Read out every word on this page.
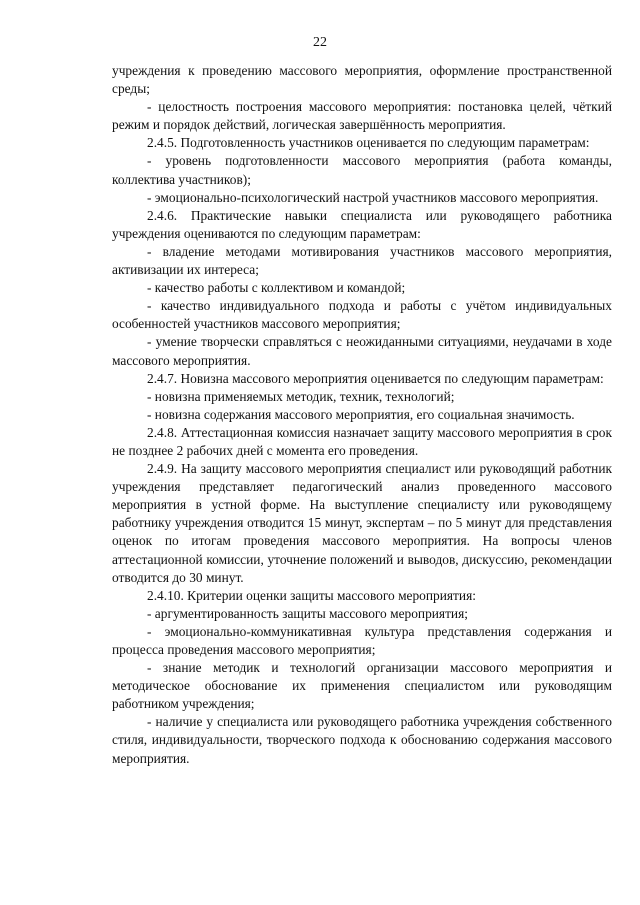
22

учреждения к проведению массового мероприятия, оформление пространственной среды;

- целостность построения массового мероприятия: постановка целей, чёткий режим и порядок действий, логическая завершённость мероприятия.

2.4.5. Подготовленность участников оценивается по следующим параметрам:

- уровень подготовленности массового мероприятия (работа команды, коллектива участников);

- эмоционально-психологический настрой участников массового мероприятия.

2.4.6. Практические навыки специалиста или руководящего работника учреждения оцениваются по следующим параметрам:

- владение методами мотивирования участников массового мероприятия, активизации их интереса;

- качество работы с коллективом и командой;

- качество индивидуального подхода и работы с учётом индивидуальных особенностей участников массового мероприятия;

- умение творчески справляться с неожиданными ситуациями, неудачами в ходе массового мероприятия.

2.4.7. Новизна массового мероприятия оценивается по следующим параметрам:

- новизна применяемых методик, техник, технологий;

- новизна содержания массового мероприятия, его социальная значимость.

2.4.8. Аттестационная комиссия назначает защиту массового мероприятия в срок не позднее 2 рабочих дней с момента его проведения.

2.4.9. На защиту массового мероприятия специалист или руководящий работник учреждения представляет педагогический анализ проведенного массового мероприятия в устной форме. На выступление специалисту или руководящему работнику учреждения отводится 15 минут, экспертам – по 5 минут для представления оценок по итогам проведения массового мероприятия. На вопросы членов аттестационной комиссии, уточнение положений и выводов, дискуссию, рекомендации отводится до 30 минут.

2.4.10. Критерии оценки защиты массового мероприятия:

- аргументированность защиты массового мероприятия;

- эмоционально-коммуникативная культура представления содержания и процесса проведения массового мероприятия;

- знание методик и технологий организации массового мероприятия и методическое обоснование их применения специалистом или руководящим работником учреждения;

- наличие у специалиста или руководящего работника учреждения собственного стиля, индивидуальности, творческого подхода к обоснованию содержания массового мероприятия.
